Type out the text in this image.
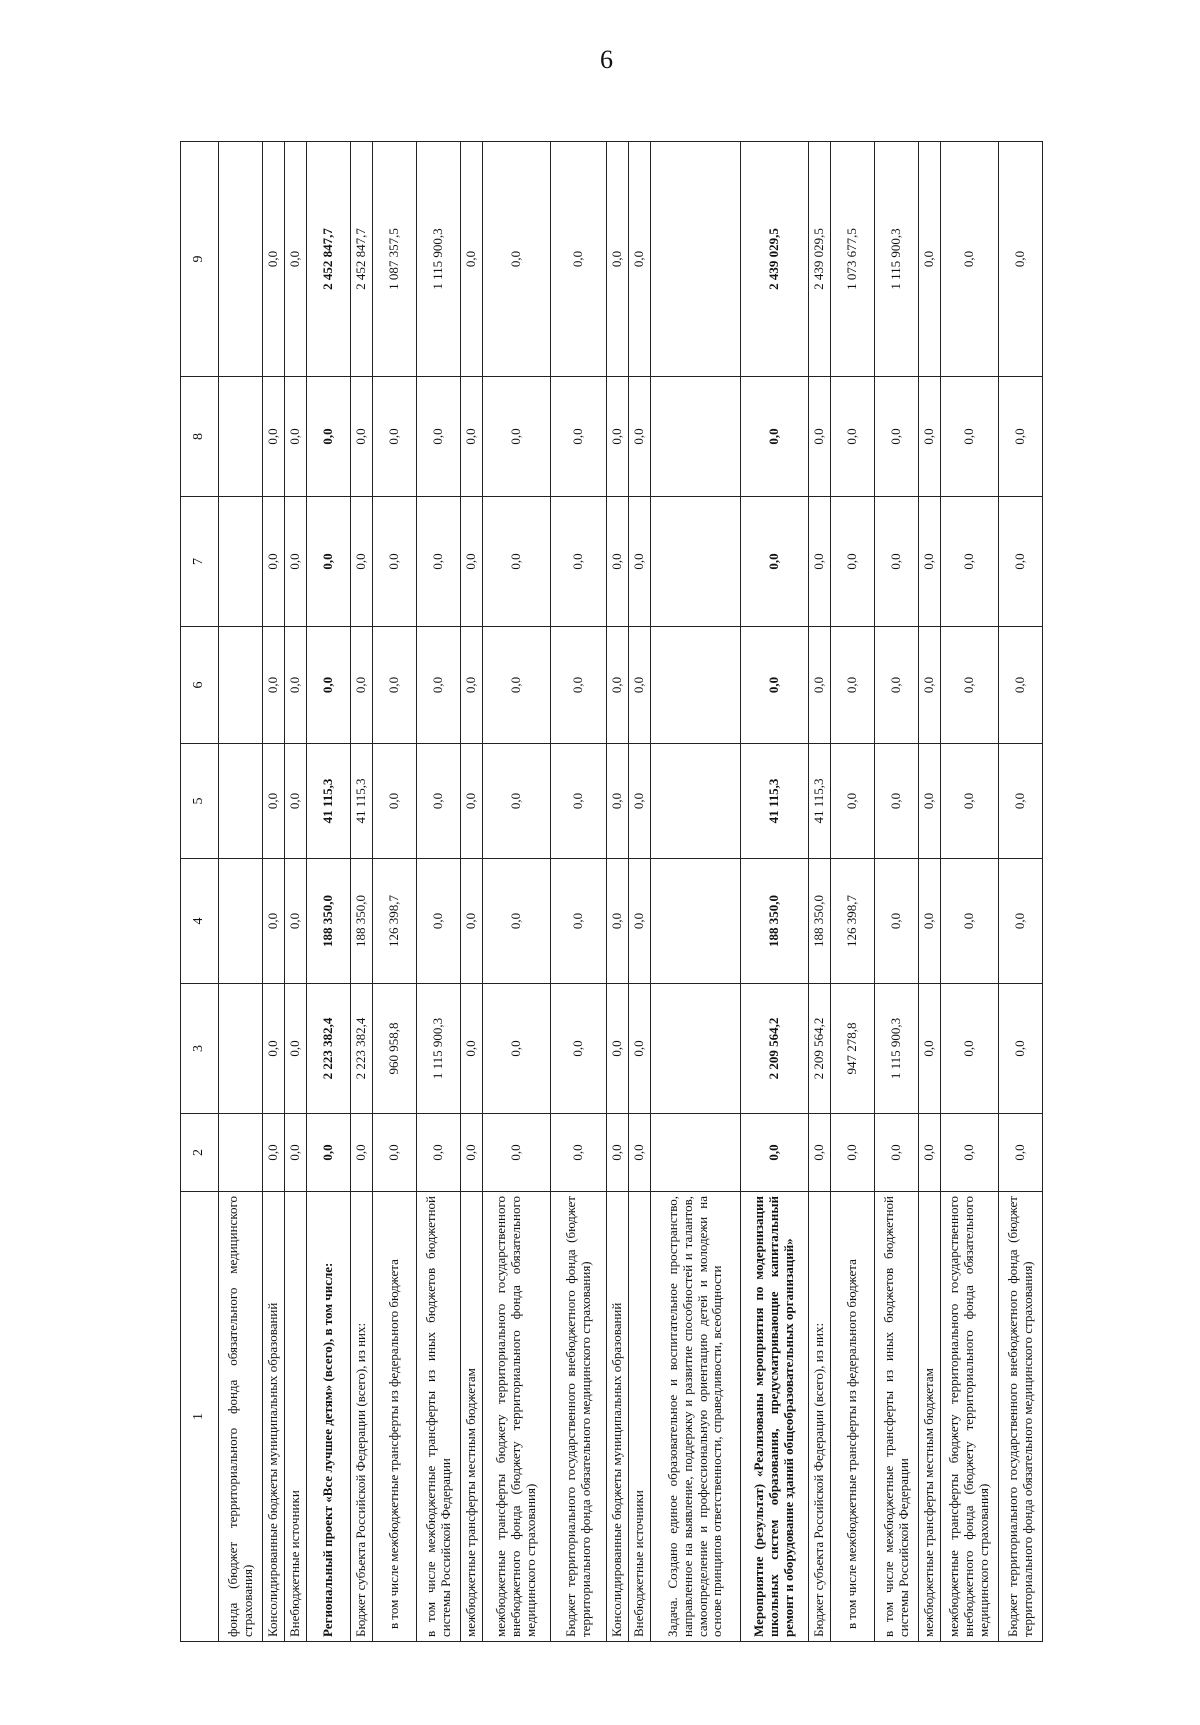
6
1	2	3	4	5	6	7	8	9
фонда (бюджет территориального фонда обязательного медицинского страхования)								
Консолидированные бюджеты муниципальных образований	0,0	0,0	0,0	0,0	0,0	0,0	0,0	0,0
Внебюджетные источники	0,0	0,0	0,0	0,0	0,0	0,0	0,0	0,0
Региональный проект «Все лучшее детям» (всего), в том числе:	0,0	2 223 382,4	188 350,0	41 115,3	0,0	0,0	0,0	2 452 847,7
Бюджет субъекта Российской Федерации (всего), из них:	0,0	2 223 382,4	188 350,0	41 115,3	0,0	0,0	0,0	2 452 847,7
в том числе межбюджетные трансферты из федерального бюджета	0,0	960 958,8	126 398,7	0,0	0,0	0,0	0,0	1 087 357,5
в том числе межбюджетные трансферты из иных бюджетов бюджетной системы Российской Федерации	0,0	1 115 900,3	0,0	0,0	0,0	0,0	0,0	1 115 900,3
межбюджетные трансферты местным бюджетам	0,0	0,0	0,0	0,0	0,0	0,0	0,0	0,0
межбюджетные трансферты бюджету территориального государственного внебюджетного фонда (бюджету территориального фонда обязательного медицинского страхования)	0,0	0,0	0,0	0,0	0,0	0,0	0,0	0,0
Бюджет территориального государственного внебюджетного фонда (бюджет территориального фонда обязательного медицинского страхования)	0,0	0,0	0,0	0,0	0,0	0,0	0,0	0,0
Консолидированные бюджеты муниципальных образований	0,0	0,0	0,0	0,0	0,0	0,0	0,0	0,0
Внебюджетные источники	0,0	0,0	0,0	0,0	0,0	0,0	0,0	0,0
Задача. Создано единое образовательное и воспитательное пространство, направленное на выявление, поддержку и развитие способностей и талантов, самоопределение и профессиональную ориентацию детей и молодежи на основе принципов ответственности, справедливости, всеобщности								
Мероприятие (результат) «Реализованы мероприятия по модернизации школьных систем образования, предусматривающие капитальный ремонт и оборудование зданий общеобразовательных организаций»	0,0	2 209 564,2	188 350,0	41 115,3	0,0	0,0	0,0	2 439 029,5
Бюджет субъекта Российской Федерации (всего), из них:	0,0	2 209 564,2	188 350,0	41 115,3	0,0	0,0	0,0	2 439 029,5
в том числе межбюджетные трансферты из федерального бюджета	0,0	947 278,8	126 398,7	0,0	0,0	0,0	0,0	1 073 677,5
в том числе межбюджетные трансферты из иных бюджетов бюджетной системы Российской Федерации	0,0	1 115 900,3	0,0	0,0	0,0	0,0	0,0	1 115 900,3
межбюджетные трансферты местным бюджетам	0,0	0,0	0,0	0,0	0,0	0,0	0,0	0,0
межбюджетные трансферты бюджету территориального государственного внебюджетного фонда (бюджету территориального фонда обязательного медицинского страхования)	0,0	0,0	0,0	0,0	0,0	0,0	0,0	0,0
Бюджет территориального государственного внебюджетного фонда (бюджет территориального фонда обязательного медицинского страхования)	0,0	0,0	0,0	0,0	0,0	0,0	0,0	0,0
